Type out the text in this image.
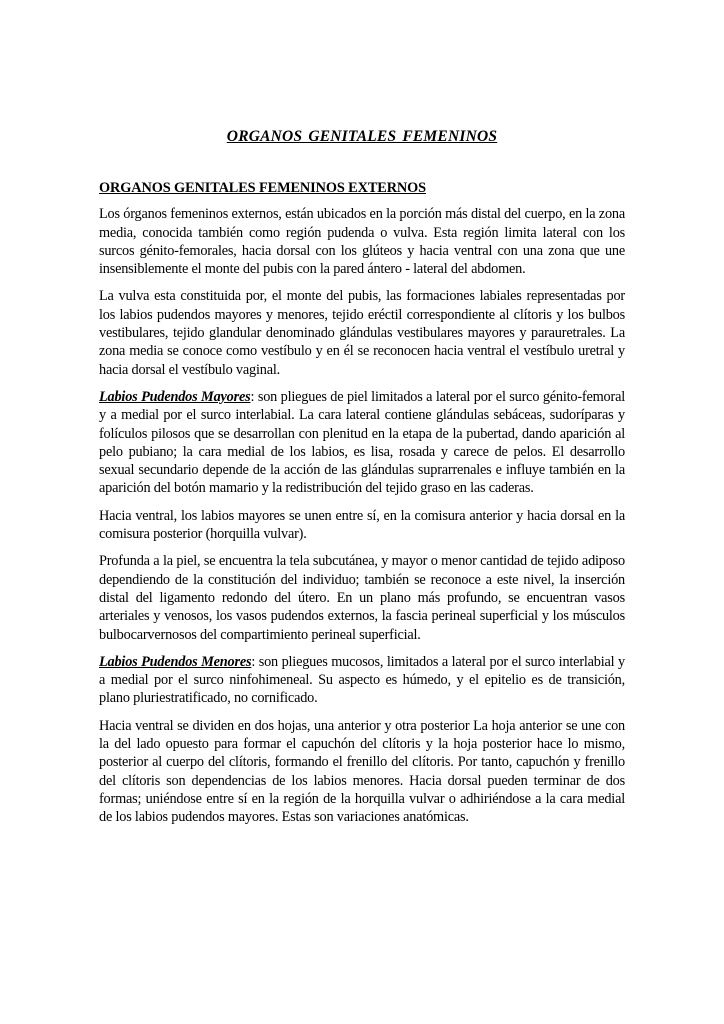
ORGANOS GENITALES FEMENINOS
ORGANOS GENITALES FEMENINOS EXTERNOS

Los órganos femeninos externos, están ubicados en la porción más distal del cuerpo, en la zona media, conocida también como región pudenda o vulva. Esta región limita lateral con los surcos génito-femorales, hacia dorsal con los glúteos y hacia ventral con una zona que une insensiblemente el monte del pubis con la pared ántero - lateral del abdomen.

La vulva esta constituida por, el monte del pubis, las formaciones labiales representadas por los labios pudendos mayores y menores, tejido eréctil correspondiente al clítoris y los bulbos vestibulares, tejido glandular denominado glándulas vestibulares mayores y parauretrales. La zona media se conoce como vestíbulo y en él se reconocen hacia ventral el vestíbulo uretral y hacia dorsal el vestíbulo vaginal.

Labios Pudendos Mayores: son pliegues de piel limitados a lateral por el surco génito-femoral y a medial por el surco interlabial. La cara lateral contiene glándulas sebáceas, sudoríparas y folículos pilosos que se desarrollan con plenitud en la etapa de la pubertad, dando aparición al pelo pubiano; la cara medial de los labios, es lisa, rosada y carece de pelos. El desarrollo sexual secundario depende de la acción de las glándulas suprarrenales e influye también en la aparición del botón mamario y la redistribución del tejido graso en las caderas.

Hacia ventral, los labios mayores se unen entre sí, en la comisura anterior y hacia dorsal en la comisura posterior (horquilla vulvar).

Profunda a la piel, se encuentra la tela subcutánea, y mayor o menor cantidad de tejido adiposo dependiendo de la constitución del individuo; también se reconoce a este nivel, la inserción distal del ligamento redondo del útero. En un plano más profundo, se encuentran vasos arteriales y venosos, los vasos pudendos externos, la fascia perineal superficial y los músculos bulbocarvernosos del compartimiento perineal superficial.

Labios Pudendos Menores: son pliegues mucosos, limitados a lateral por el surco interlabial y a medial por el surco ninfohimeneal. Su aspecto es húmedo, y el epitelio es de transición, plano pluriestratificado, no cornificado.

Hacia ventral se dividen en dos hojas, una anterior y otra posterior La hoja anterior se une con la del lado opuesto para formar el capuchón del clítoris y la hoja posterior hace lo mismo, posterior al cuerpo del clítoris, formando el frenillo del clítoris. Por tanto, capuchón y frenillo del clítoris son dependencias de los labios menores. Hacia dorsal pueden terminar de dos formas; uniéndose entre sí en la región de la horquilla vulvar o adhiriéndose a la cara medial de los labios pudendos mayores. Estas son variaciones anatómicas.
